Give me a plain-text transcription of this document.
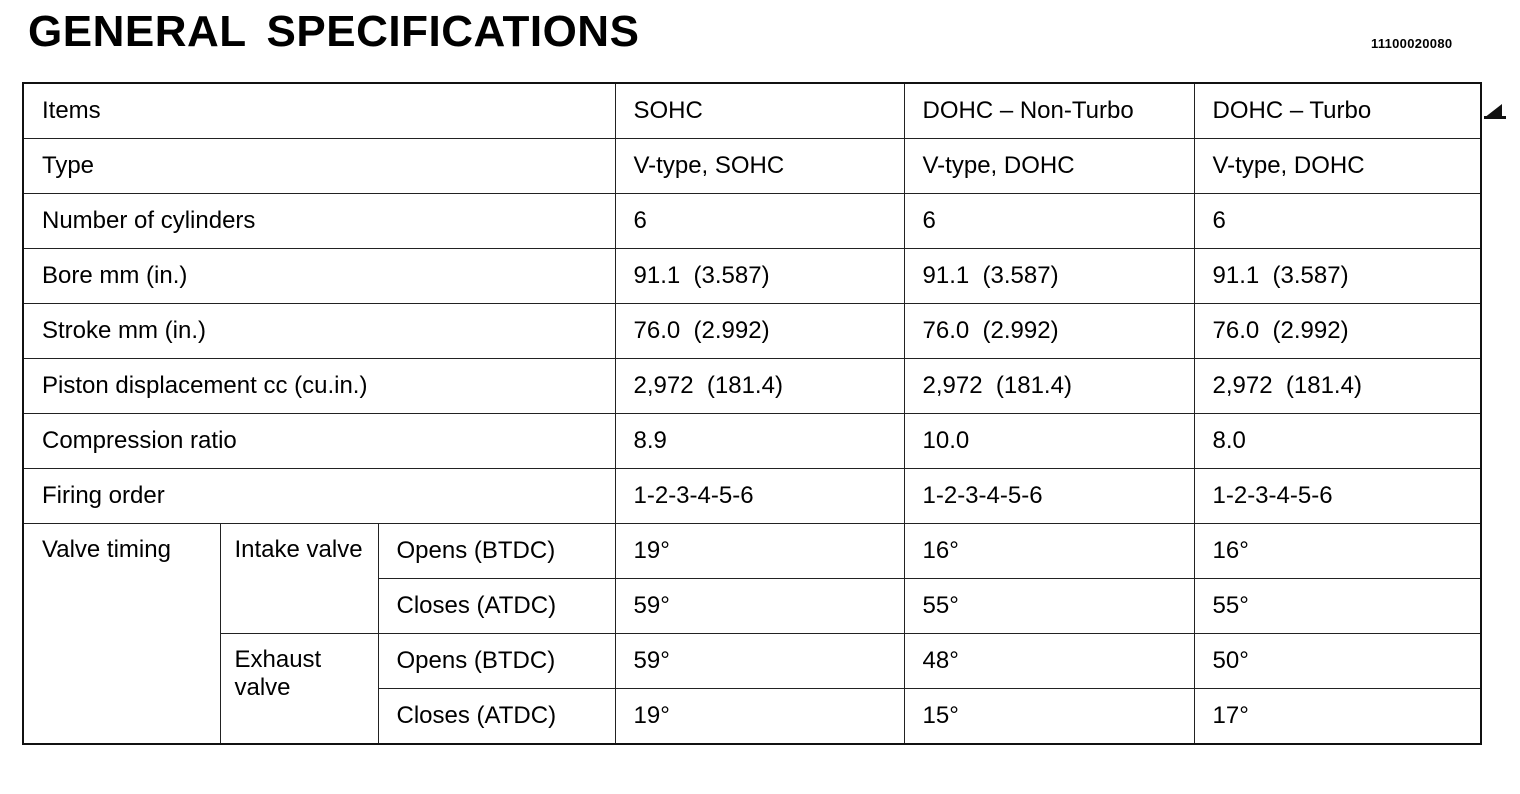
GENERAL SPECIFICATIONS	11100020080
Items			SOHC	DOHC – Non-Turbo	DOHC – Turbo
Type			V-type, SOHC	V-type, DOHC	V-type, DOHC
Number of cylinders			6	6	6
Bore mm (in.)			91.1  (3.587)	91.1  (3.587)	91.1  (3.587)
Stroke mm (in.)			76.0  (2.992)	76.0  (2.992)	76.0  (2.992)
Piston displacement cc (cu.in.)			2,972  (181.4)	2,972  (181.4)	2,972  (181.4)
Compression ratio			8.9	10.0	8.0
Firing order			1-2-3-4-5-6	1-2-3-4-5-6	1-2-3-4-5-6
Valve timing	Intake valve	Opens (BTDC)	19°	16°	16°
		Closes (ATDC)	59°	55°	55°
	Exhaust valve	Opens (BTDC)	59°	48°	50°
		Closes (ATDC)	19°	15°	17°
